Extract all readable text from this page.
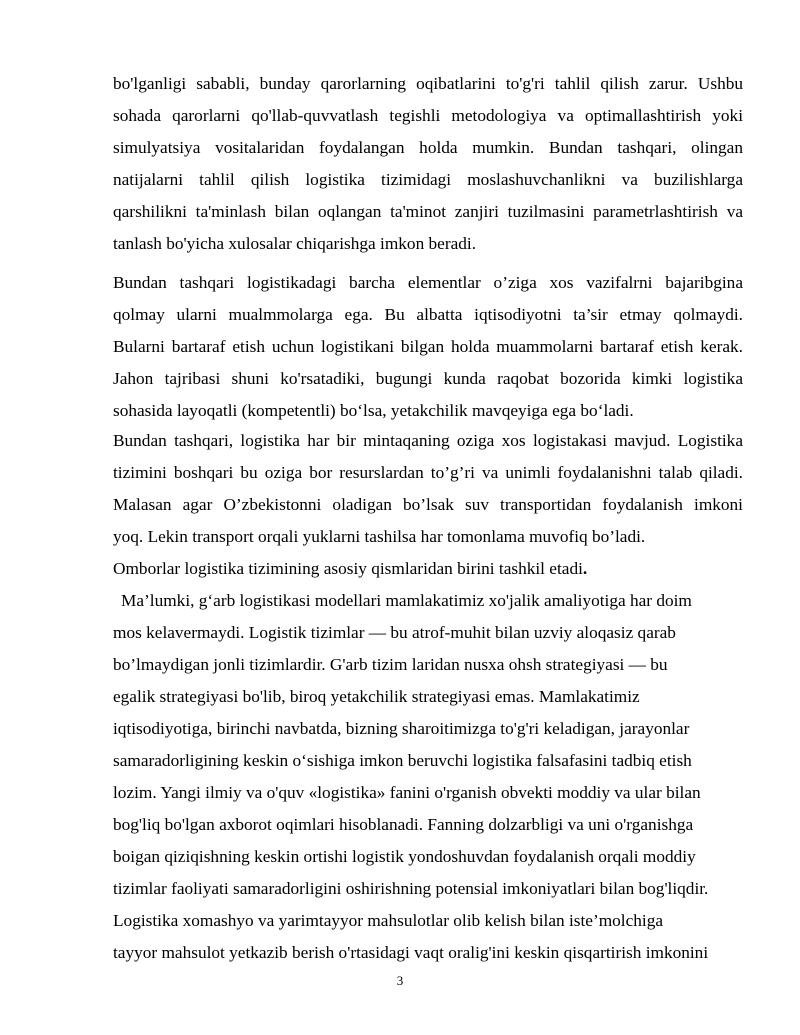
bo'lganligi sababli, bunday qarorlarning oqibatlarini to'g'ri tahlil qilish zarur. Ushbu
sohada qarorlarni qo'llab-quvvatlash tegishli metodologiya va optimallashtirish yoki
simulyatsiya vositalaridan foydalangan holda mumkin. Bundan tashqari, olingan
natijalarni tahlil qilish logistika tizimidagi moslashuvchanlikni va buzilishlarga
qarshilikni ta'minlash bilan oqlangan ta'minot zanjiri tuzilmasini parametrlashtirish va
tanlash bo'yicha xulosalar chiqarishga imkon beradi.
Bundan tashqari logistikadagi barcha elementlar o’ziga xos vazifalrni bajaribgina
qolmay ularni mualmmolarga ega. Bu albatta iqtisodiyotni ta’sir etmay qolmaydi.
Bularni bartaraf etish uchun logistikani bilgan holda muammolarni bartaraf etish kerak.
Jahon tajribasi shuni ko'rsatadiki, bugungi kunda raqobat bozorida kimki logistika
sohasida layoqatli (kompetentli) bo‘lsa, yetakchilik mavqeyiga ega bo‘ladi.
Bundan tashqari, logistika har bir mintaqaning oziga xos logistakasi mavjud. Logistika
tizimini boshqari bu oziga bor resurslardan to’g’ri va unimli foydalanishni talab qiladi.
Malasan agar O’zbekistonni oladigan bo’lsak suv transportidan foydalanish imkoni
yoq. Lekin transport orqali yuklarni tashilsa har tomonlama muvofiq bo’ladi.
Omborlar logistika tizimining asosiy qismlaridan birini tashkil etadi.
Ma’lumki, g‘arb logistikasi modellari mamlakatimiz xo'jalik amaliyotiga har doim
mos kelavermaydi. Logistik tizimlar — bu atrof-muhit bilan uzviy aloqasiz qarab
bo’lmaydigan jonli tizimlardir. G'arb tizim laridan nusxa ohsh strategiyasi — bu
egalik strategiyasi bo'lib, biroq yetakchilik strategiyasi emas. Mamlakatimiz
iqtisodiyotiga, birinchi navbatda, bizning sharoitimizga to'g'ri keladigan, jarayonlar
samaradorligining keskin o‘sishiga imkon beruvchi logistika falsafasini tadbiq etish
lozim. Yangi ilmiy va o'quv «logistika» fanini o'rganish obvekti moddiy va ular bilan
bog'liq bo'lgan axborot oqimlari hisoblanadi. Fanning dolzarbligi va uni o'rganishga
boigan qiziqishning keskin ortishi logistik yondoshuvdan foydalanish orqali moddiy
tizimlar faoliyati samaradorligini oshirishning potensial imkoniyatlari bilan bog'liqdir.
Logistika xomashyo va yarimtayyor mahsulotlar olib kelish bilan iste’molchiga
tayyor mahsulot yetkazib berish o'rtasidagi vaqt oralig'ini keskin qisqartirish imkonini
3
